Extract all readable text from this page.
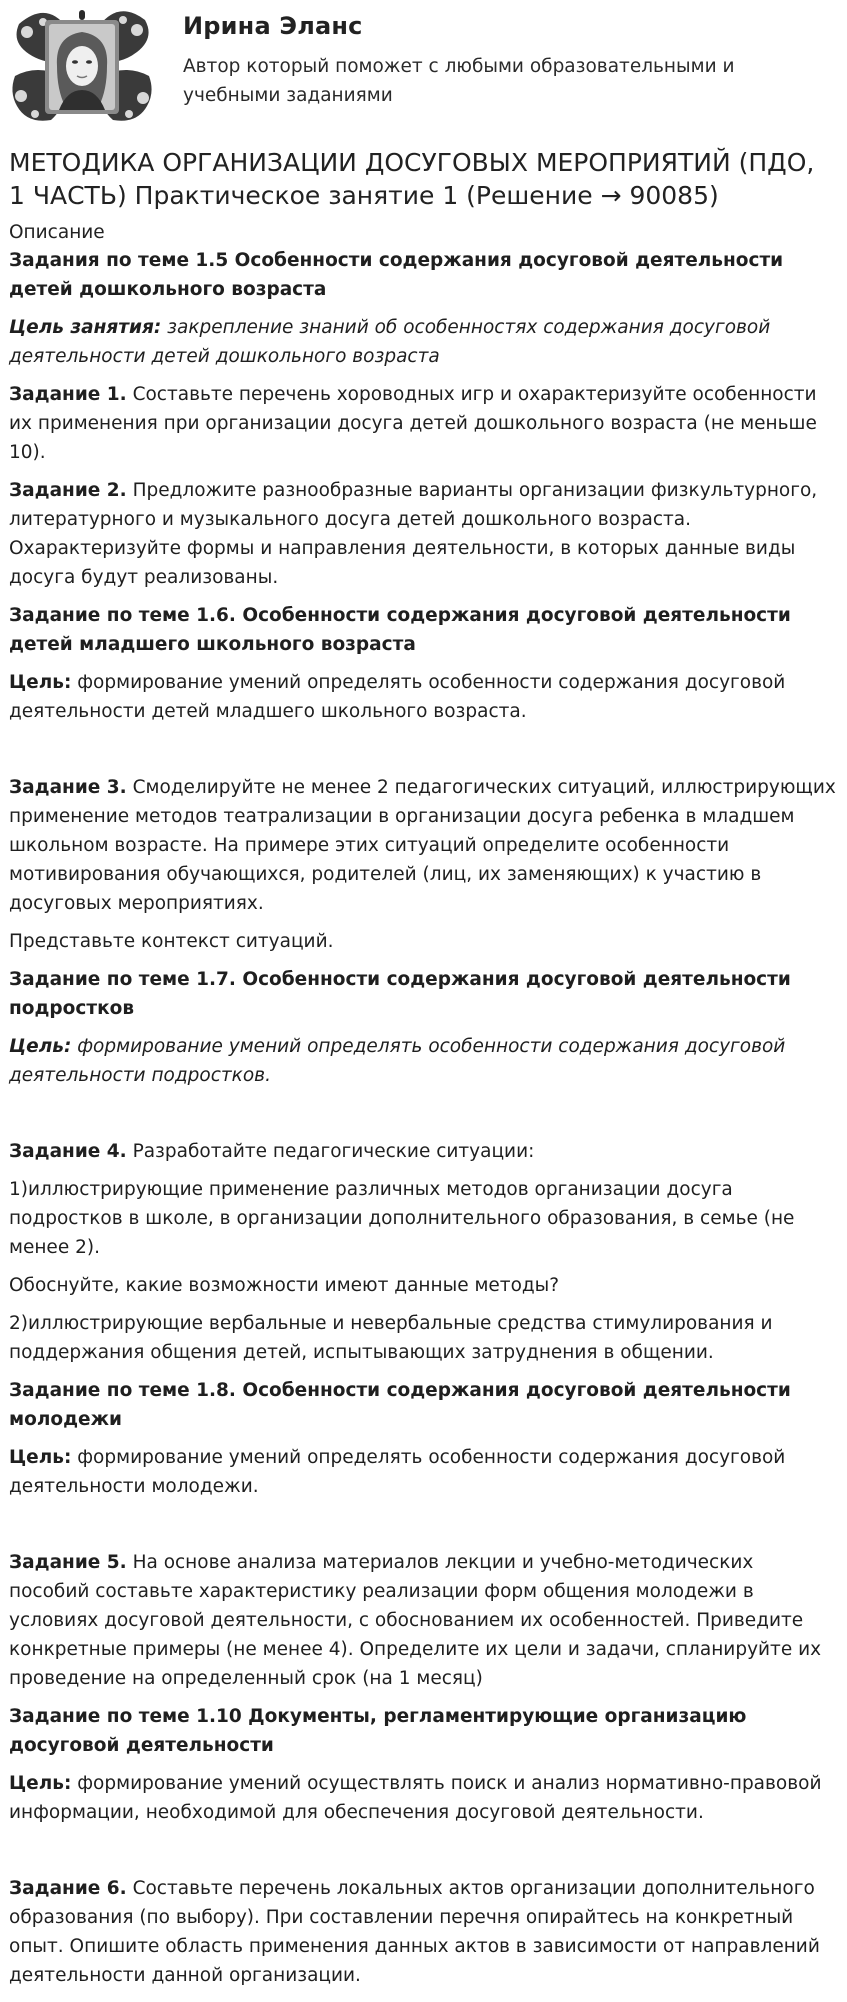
Ирина Эланс
Автор который поможет с любыми образовательными и учебными заданиями
МЕТОДИКА ОРГАНИЗАЦИИ ДОСУГОВЫХ МЕРОПРИЯТИЙ (ПДО, 1 ЧАСТЬ) Практическое занятие 1 (Решение → 90085)

Описание

Задания по теме 1.5 Особенности содержания досуговой деятельности детей дошкольного возраста

Цель занятия: закрепление знаний об особенностях содержания досуговой деятельности детей дошкольного возраста

Задание 1. Составьте перечень хороводных игр и охарактеризуйте особенности их применения при организации досуга детей дошкольного возраста (не меньше 10).

Задание 2. Предложите разнообразные варианты организации физкультурного, литературного и музыкального досуга детей дошкольного возраста. Охарактеризуйте формы и направления деятельности, в которых данные виды досуга будут реализованы.

Задание по теме 1.6. Особенности содержания досуговой деятельности детей младшего школьного возраста

Цель: формирование умений определять особенности содержания досуговой деятельности детей младшего школьного возраста.

Задание 3. Смоделируйте не менее 2 педагогических ситуаций, иллюстрирующих применение методов театрализации в организации досуга ребенка в младшем школьном возрасте. На примере этих ситуаций определите особенности мотивирования обучающихся, родителей (лиц, их заменяющих) к участию в досуговых мероприятиях.

Представьте контекст ситуаций.

Задание по теме 1.7. Особенности содержания досуговой деятельности подростков

Цель: формирование умений определять особенности содержания досуговой деятельности подростков.

Задание 4. Разработайте педагогические ситуации:

1)иллюстрирующие применение различных методов организации досуга подростков в школе, в организации дополнительного образования, в семье (не менее 2).

Обоснуйте, какие возможности имеют данные методы?

2)иллюстрирующие вербальные и невербальные средства стимулирования и поддержания общения детей, испытывающих затруднения в общении.

Задание по теме 1.8. Особенности содержания досуговой деятельности молодежи

Цель: формирование умений определять особенности содержания досуговой деятельности молодежи.

Задание 5. На основе анализа материалов лекции и учебно-методических пособий составьте характеристику реализации форм общения молодежи в условиях досуговой деятельности, с обоснованием их особенностей. Приведите конкретные примеры (не менее 4). Определите их цели и задачи, спланируйте их проведение на определенный срок (на 1 месяц)

Задание по теме 1.10 Документы, регламентирующие организацию досуговой деятельности

Цель: формирование умений осуществлять поиск и анализ нормативно-правовой информации, необходимой для обеспечения досуговой деятельности.

Задание 6. Составьте перечень локальных актов организации дополнительного образования (по выбору). При составлении перечня опирайтесь на конкретный опыт. Опишите область применения данных актов в зависимости от направлений деятельности данной организации.
